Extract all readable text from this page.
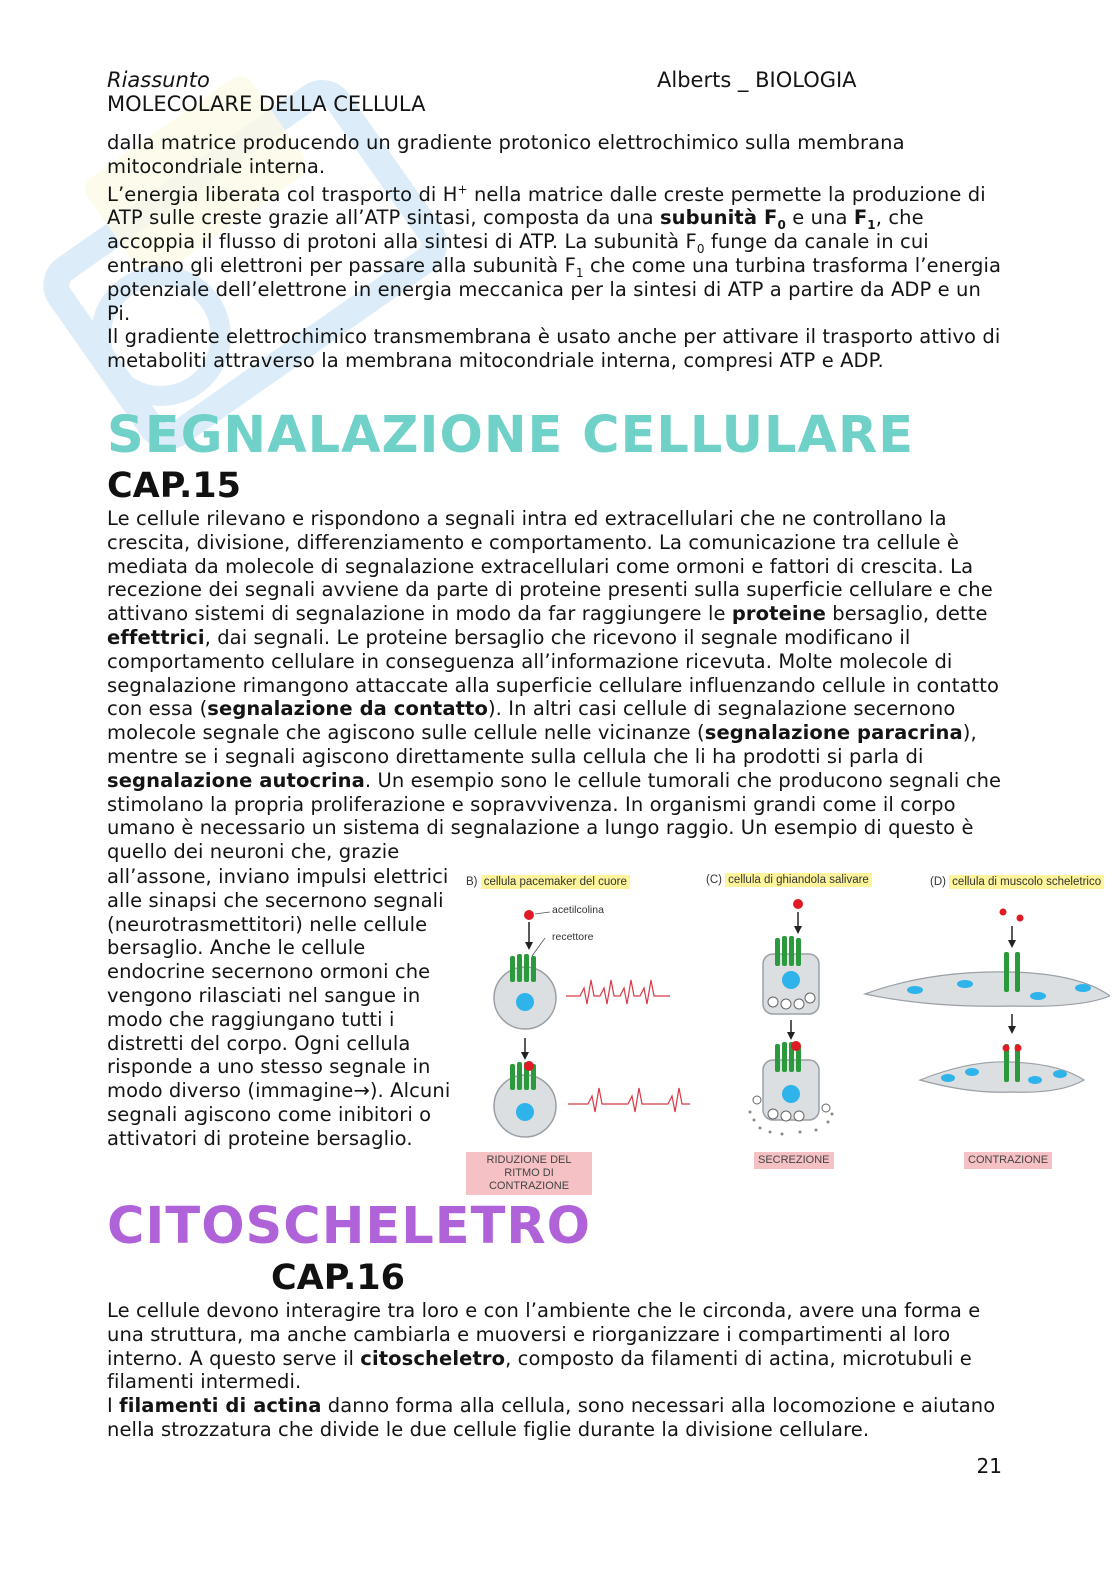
Riassunto
MOLECOLARE DELLA CELLULA
Alberts _ BIOLOGIA

dalla matrice producendo un gradiente protonico elettrochimico sulla membrana mitocondriale interna.

L’energia liberata col trasporto di H+ nella matrice dalle creste permette la produzione di ATP sulle creste grazie all’ATP sintasi, composta da una subunità $F_0$ e una $F_1$, che accoppia il flusso di protoni alla sintesi di ATP. La subunità $F_0$ funge da canale in cui entrano gli elettroni per passare alla subunità $F_1$ che come una turbina trasforma l’energia potenziale dell’elettrone in energia meccanica per la sintesi di ATP a partire da ADP e un Pi.

Il gradiente elettrochimico transmembrana è usato anche per attivare il trasporto attivo di metaboliti attraverso la membrana mitocondriale interna, compresi ATP e ADP.

SEGNALAZIONE CELLULARE
CAP.15

Le cellule rilevano e rispondono a segnali intra ed extracellulari che ne controllano la crescita, divisione, differenziamento e comportamento. La comunicazione tra cellule è mediata da molecole di segnalazione extracellulari come ormoni e fattori di crescita. La recezione dei segnali avviene da parte di proteine presenti sulla superficie cellulare e che attivano sistemi di segnalazione in modo da far raggiungere le proteine bersaglio, dette effettrici, dai segnali. Le proteine bersaglio che ricevono il segnale modificano il comportamento cellulare in conseguenza all’informazione ricevuta. Molte molecole di segnalazione rimangono attaccate alla superficie cellulare influenzando cellule in contatto con essa (segnalazione da contatto). In altri casi cellule di segnalazione secernono molecole segnale che agiscono sulle cellule nelle vicinanze (segnalazione paracrina), mentre se i segnali agiscono direttamente sulla cellula che li ha prodotti si parla di segnalazione autocrina. Un esempio sono le cellule tumorali che producono segnali che stimolano la propria proliferazione e sopravvivenza. In organismi grandi come il corpo umano è necessario un sistema di segnalazione a lungo raggio. Un esempio di questo è quello dei neuroni che, grazie

all’assone, inviano impulsi elettrici alle sinapsi che secernono segnali (neurotrasmettitori) nelle cellule bersaglio. Anche le cellule endocrine secernono ormoni che vengono rilasciati nel sangue in modo che raggiungano tutti i distretti del corpo. Ogni cellula risponde a uno stesso segnale in modo diverso (immagine→). Alcuni segnali agiscono come inibitori o attivatori di proteine bersaglio.
B) cellula pacemaker del cuore	(C) cellula di ghiandola salivare	(D) cellula di muscolo scheletrico
acetilcolina
recettore
RIDUZIONE DEL RITMO DI CONTRAZIONE
SECREZIONE	CONTRAZIONE
CITOSCHELETRO
CAP.16

Le cellule devono interagire tra loro e con l’ambiente che le circonda, avere una forma e una struttura, ma anche cambiarla e muoversi e riorganizzare i compartimenti al loro interno. A questo serve il citoscheletro, composto da filamenti di actina, microtubuli e filamenti intermedi.

I filamenti di actina danno forma alla cellula, sono necessari alla locomozione e aiutano nella strozzatura che divide le due cellule figlie durante la divisione cellulare.

21
